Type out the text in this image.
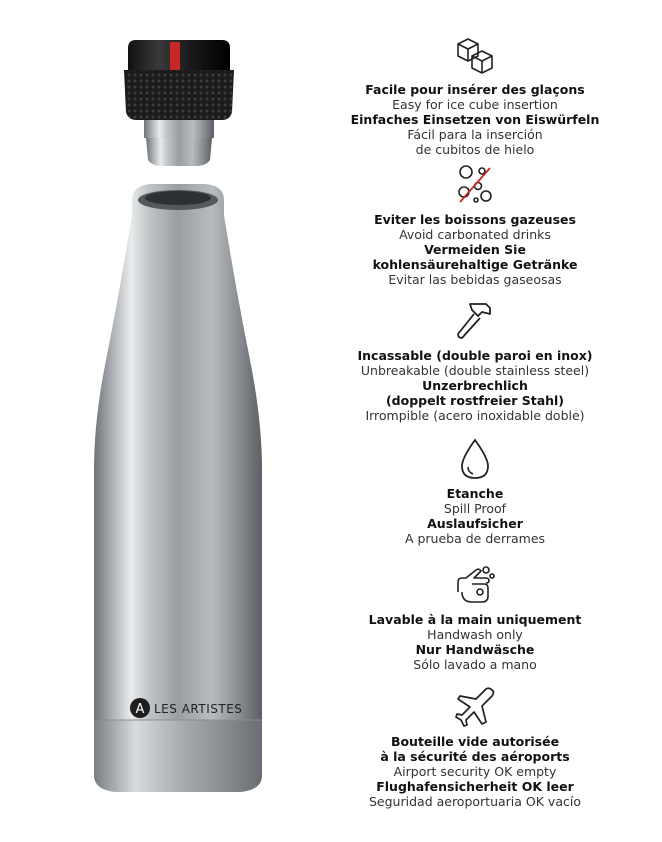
A LES ARTISTES
Facile pour insérer des glaçons
Easy for ice cube insertion
Einfaches Einsetzen von Eiswürfeln
Fácil para la inserción
de cubitos de hielo
Eviter les boissons gazeuses
Avoid carbonated drinks
Vermeiden Sie
kohlensäurehaltige Getränke
Evitar las bebidas gaseosas
Incassable (double paroi en inox)
Unbreakable (double stainless steel)
Unzerbrechlich
(doppelt rostfreier Stahl)
Irrompible (acero inoxidable doble)
Etanche
Spill Proof
Auslaufsicher
A prueba de derrames
Lavable à la main uniquement
Handwash only
Nur Handwäsche
Sólo lavado a mano
Bouteille vide autorisée
à la sécurité des aéroports
Airport security OK empty
Flughafensicherheit OK leer
Seguridad aeroportuaria OK vacío
